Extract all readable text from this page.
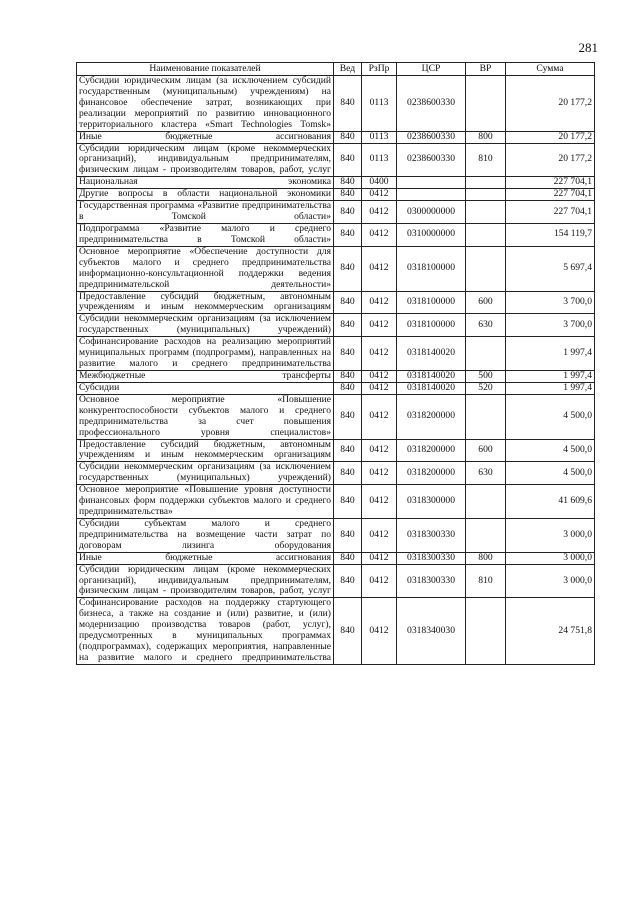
281
Наименование показателей	Вед	РзПр	ЦСР	ВР	Сумма
Субсидии юридическим лицам (за исключением субсидий государственным (муниципальным) учреждениям) на финансовое обеспечение затрат, возникающих при реализации мероприятий по развитию инновационного территориального кластера «Smart Technologies Tomsk»	840	0113	0238600330		20 177,2
Иные бюджетные ассигнования	840	0113	0238600330	800	20 177,2
Субсидии юридическим лицам (кроме некоммерческих организаций), индивидуальным предпринимателям, физическим лицам - производителям товаров, работ, услуг	840	0113	0238600330	810	20 177,2
Национальная экономика	840	0400			227 704,1
Другие вопросы в области национальной экономики	840	0412			227 704,1
Государственная программа «Развитие предпринимательства в Томской области»	840	0412	0300000000		227 704,1
Подпрограмма «Развитие малого и среднего предпринимательства в Томской области»	840	0412	0310000000		154 119,7
Основное мероприятие «Обеспечение доступности для субъектов малого и среднего предпринимательства информационно-консультационной поддержки ведения предпринимательской деятельности»	840	0412	0318100000		5 697,4
Предоставление субсидий бюджетным, автономным учреждениям и иным некоммерческим организациям	840	0412	0318100000	600	3 700,0
Субсидии некоммерческим организациям (за исключением государственных (муниципальных) учреждений)	840	0412	0318100000	630	3 700,0
Софинансирование расходов на реализацию мероприятий муниципальных программ (подпрограмм), направленных на развитие малого и среднего предпринимательства	840	0412	0318140020		1 997,4
Межбюджетные трансферты	840	0412	0318140020	500	1 997,4
Субсидии	840	0412	0318140020	520	1 997,4
Основное мероприятие «Повышение конкурентоспособности субъектов малого и среднего предпринимательства за счет повышения профессионального уровня специалистов»	840	0412	0318200000		4 500,0
Предоставление субсидий бюджетным, автономным учреждениям и иным некоммерческим организациям	840	0412	0318200000	600	4 500,0
Субсидии некоммерческим организациям (за исключением государственных (муниципальных) учреждений)	840	0412	0318200000	630	4 500,0
Основное мероприятие «Повышение уровня доступности финансовых форм поддержки субъектов малого и среднего предпринимательства»	840	0412	0318300000		41 609,6
Субсидии субъектам малого и среднего предпринимательства на возмещение части затрат по договорам лизинга оборудования	840	0412	0318300330		3 000,0
Иные бюджетные ассигнования	840	0412	0318300330	800	3 000,0
Субсидии юридическим лицам (кроме некоммерческих организаций), индивидуальным предпринимателям, физическим лицам - производителям товаров, работ, услуг	840	0412	0318300330	810	3 000,0
Софинансирование расходов на поддержку стартующего бизнеса, а также на создание и (или) развитие, и (или) модернизацию производства товаров (работ, услуг), предусмотренных в муниципальных программах (подпрограммах), содержащих мероприятия, направленные на развитие малого и среднего предпринимательства	840	0412	0318340030		24 751,8
